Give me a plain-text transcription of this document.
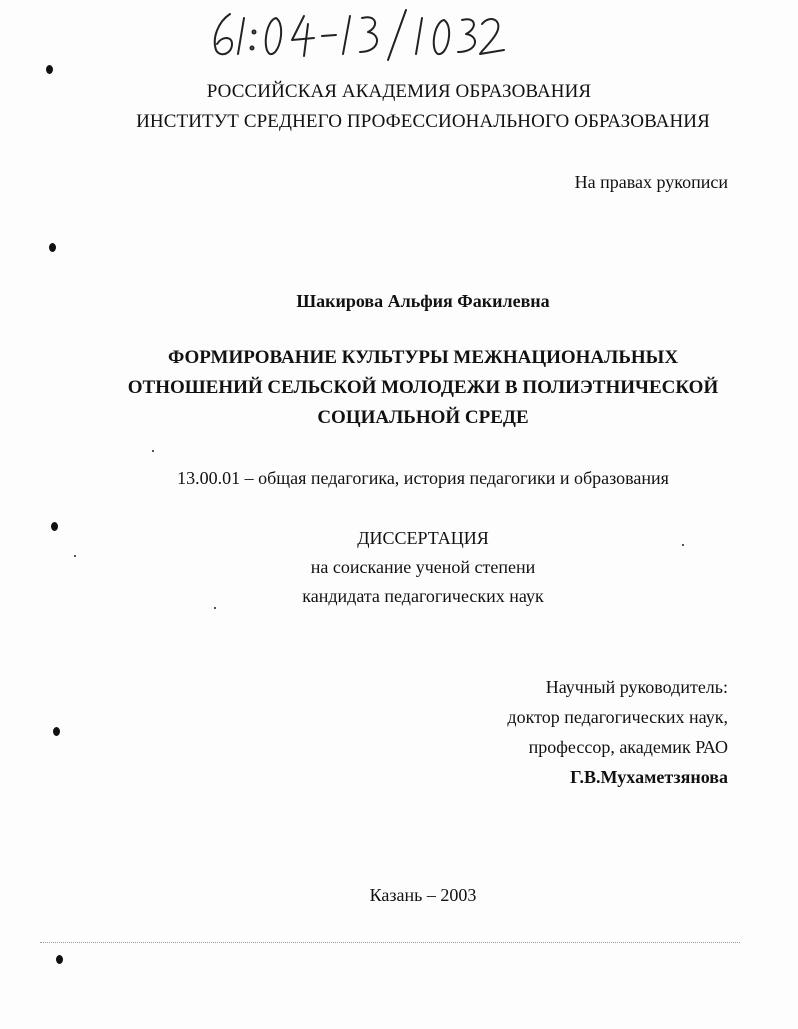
РОССИЙСКАЯ АКАДЕМИЯ ОБРАЗОВАНИЯ
ИНСТИТУТ СРЕДНЕГО ПРОФЕССИОНАЛЬНОГО ОБРАЗОВАНИЯ
На правах рукописи
Шакирова Альфия Факилевна
ФОРМИРОВАНИЕ КУЛЬТУРЫ МЕЖНАЦИОНАЛЬНЫХ
ОТНОШЕНИЙ СЕЛЬСКОЙ МОЛОДЕЖИ В ПОЛИЭТНИЧЕСКОЙ
СОЦИАЛЬНОЙ СРЕДЕ
13.00.01 – общая педагогика, история педагогики и образования
ДИССЕРТАЦИЯ
на соискание ученой степени
кандидата педагогических наук
Научный руководитель:
доктор педагогических наук,
профессор, академик РАО
Г.В.Мухаметзянова
Казань – 2003
